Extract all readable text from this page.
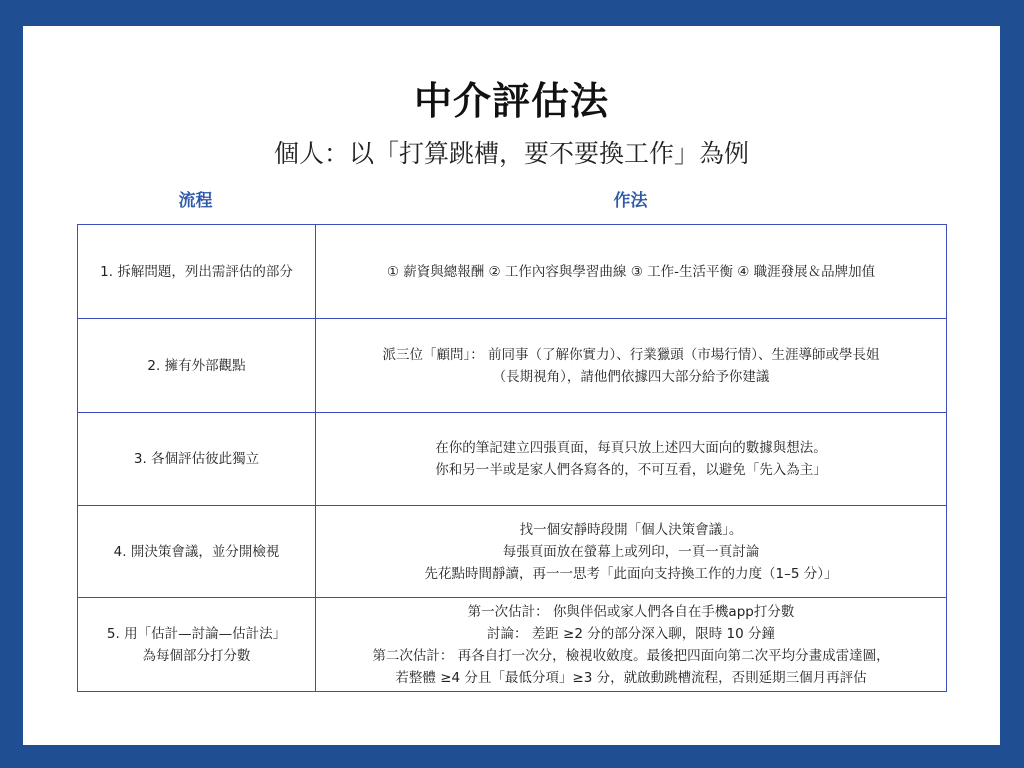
中介評估法
個人：以「打算跳槽，要不要換工作」為例
流程	作法
1. 拆解問題，列出需評估的部分	① 薪資與總報酬 ② 工作內容與學習曲線 ③ 工作-生活平衡 ④ 職涯發展＆品牌加值

2. 擁有外部觀點	派三位「顧問」： 前同事（了解你實力）、行業獵頭（市場行情）、生涯導師或學長姐
（長期視角），請他們依據四大部分給予你建議

3. 各個評估彼此獨立	在你的筆記建立四張頁面，每頁只放上述四大面向的數據與想法。
你和另一半或是家人們各寫各的，不可互看，以避免「先入為主」

4. 開決策會議，並分開檢視	找一個安靜時段開「個人決策會議」。
每張頁面放在螢幕上或列印，一頁一頁討論
先花點時間靜讀，再一一思考「此面向支持換工作的力度（1–5 分）」

5. 用「估計—討論—估計法」
為每個部分打分數	第一次估計： 你與伴侶或家人們各自在手機app打分數
討論： 差距 ≥2 分的部分深入聊，限時 10 分鐘
第二次估計： 再各自打一次分，檢視收斂度。最後把四面向第二次平均分畫成雷達圖，
若整體 ≥4 分且「最低分項」≥3 分，就啟動跳槽流程，否則延期三個月再評估
